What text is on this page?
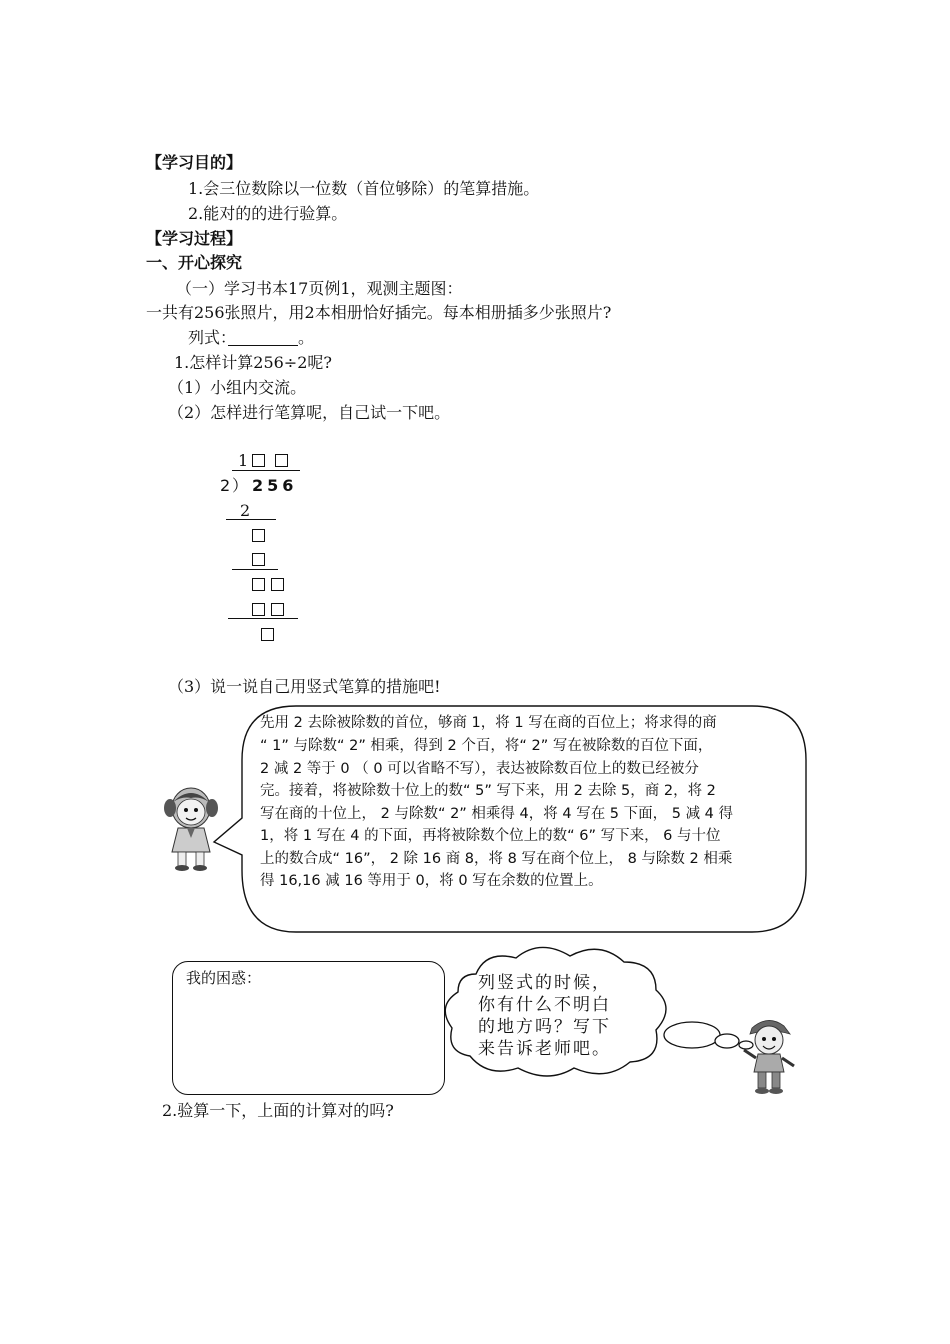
【学习目的】
1.会三位数除以一位数（首位够除）的笔算措施。
2.能对的的进行验算。
【学习过程】
一、开心探究
（一）学习书本17页例1，观测主题图：
一共有256张照片，用2本相册恰好插完。每本相册插多少张照片?
列式：	。
1.怎样计算256÷2呢?
（1）小组内交流。
（2）怎样进行笔算呢，自己试一下吧。
1
2 ） 256
2
（3）说一说自己用竖式笔算的措施吧!
先用 2 去除被除数的首位，够商 1，将 1 写在商的百位上；将求得的商
“ 1” 与除数“ 2” 相乘，得到 2 个百，将“ 2” 写在被除数的百位下面，
2 减 2 等于 0 （ 0 可以省略不写），表达被除数百位上的数已经被分
完。接着，将被除数十位上的数“ 5” 写下来，用 2 去除 5，商 2，将 2
写在商的十位上， 2 与除数“ 2” 相乘得 4，将 4 写在 5 下面， 5 减 4 得
1，将 1 写在 4 的下面，再将被除数个位上的数“ 6” 写下来， 6 与十位
上的数合成“ 16”， 2 除 16 商 8，将 8 写在商个位上， 8 与除数 2 相乘
得 16,16 减 16 等用于 0，将 0 写在余数的位置上。
我的困惑：	列竖式的时候，
你有什么不明白
的地方吗？写下
来告诉老师吧。
2.验算一下，上面的计算对的吗?
